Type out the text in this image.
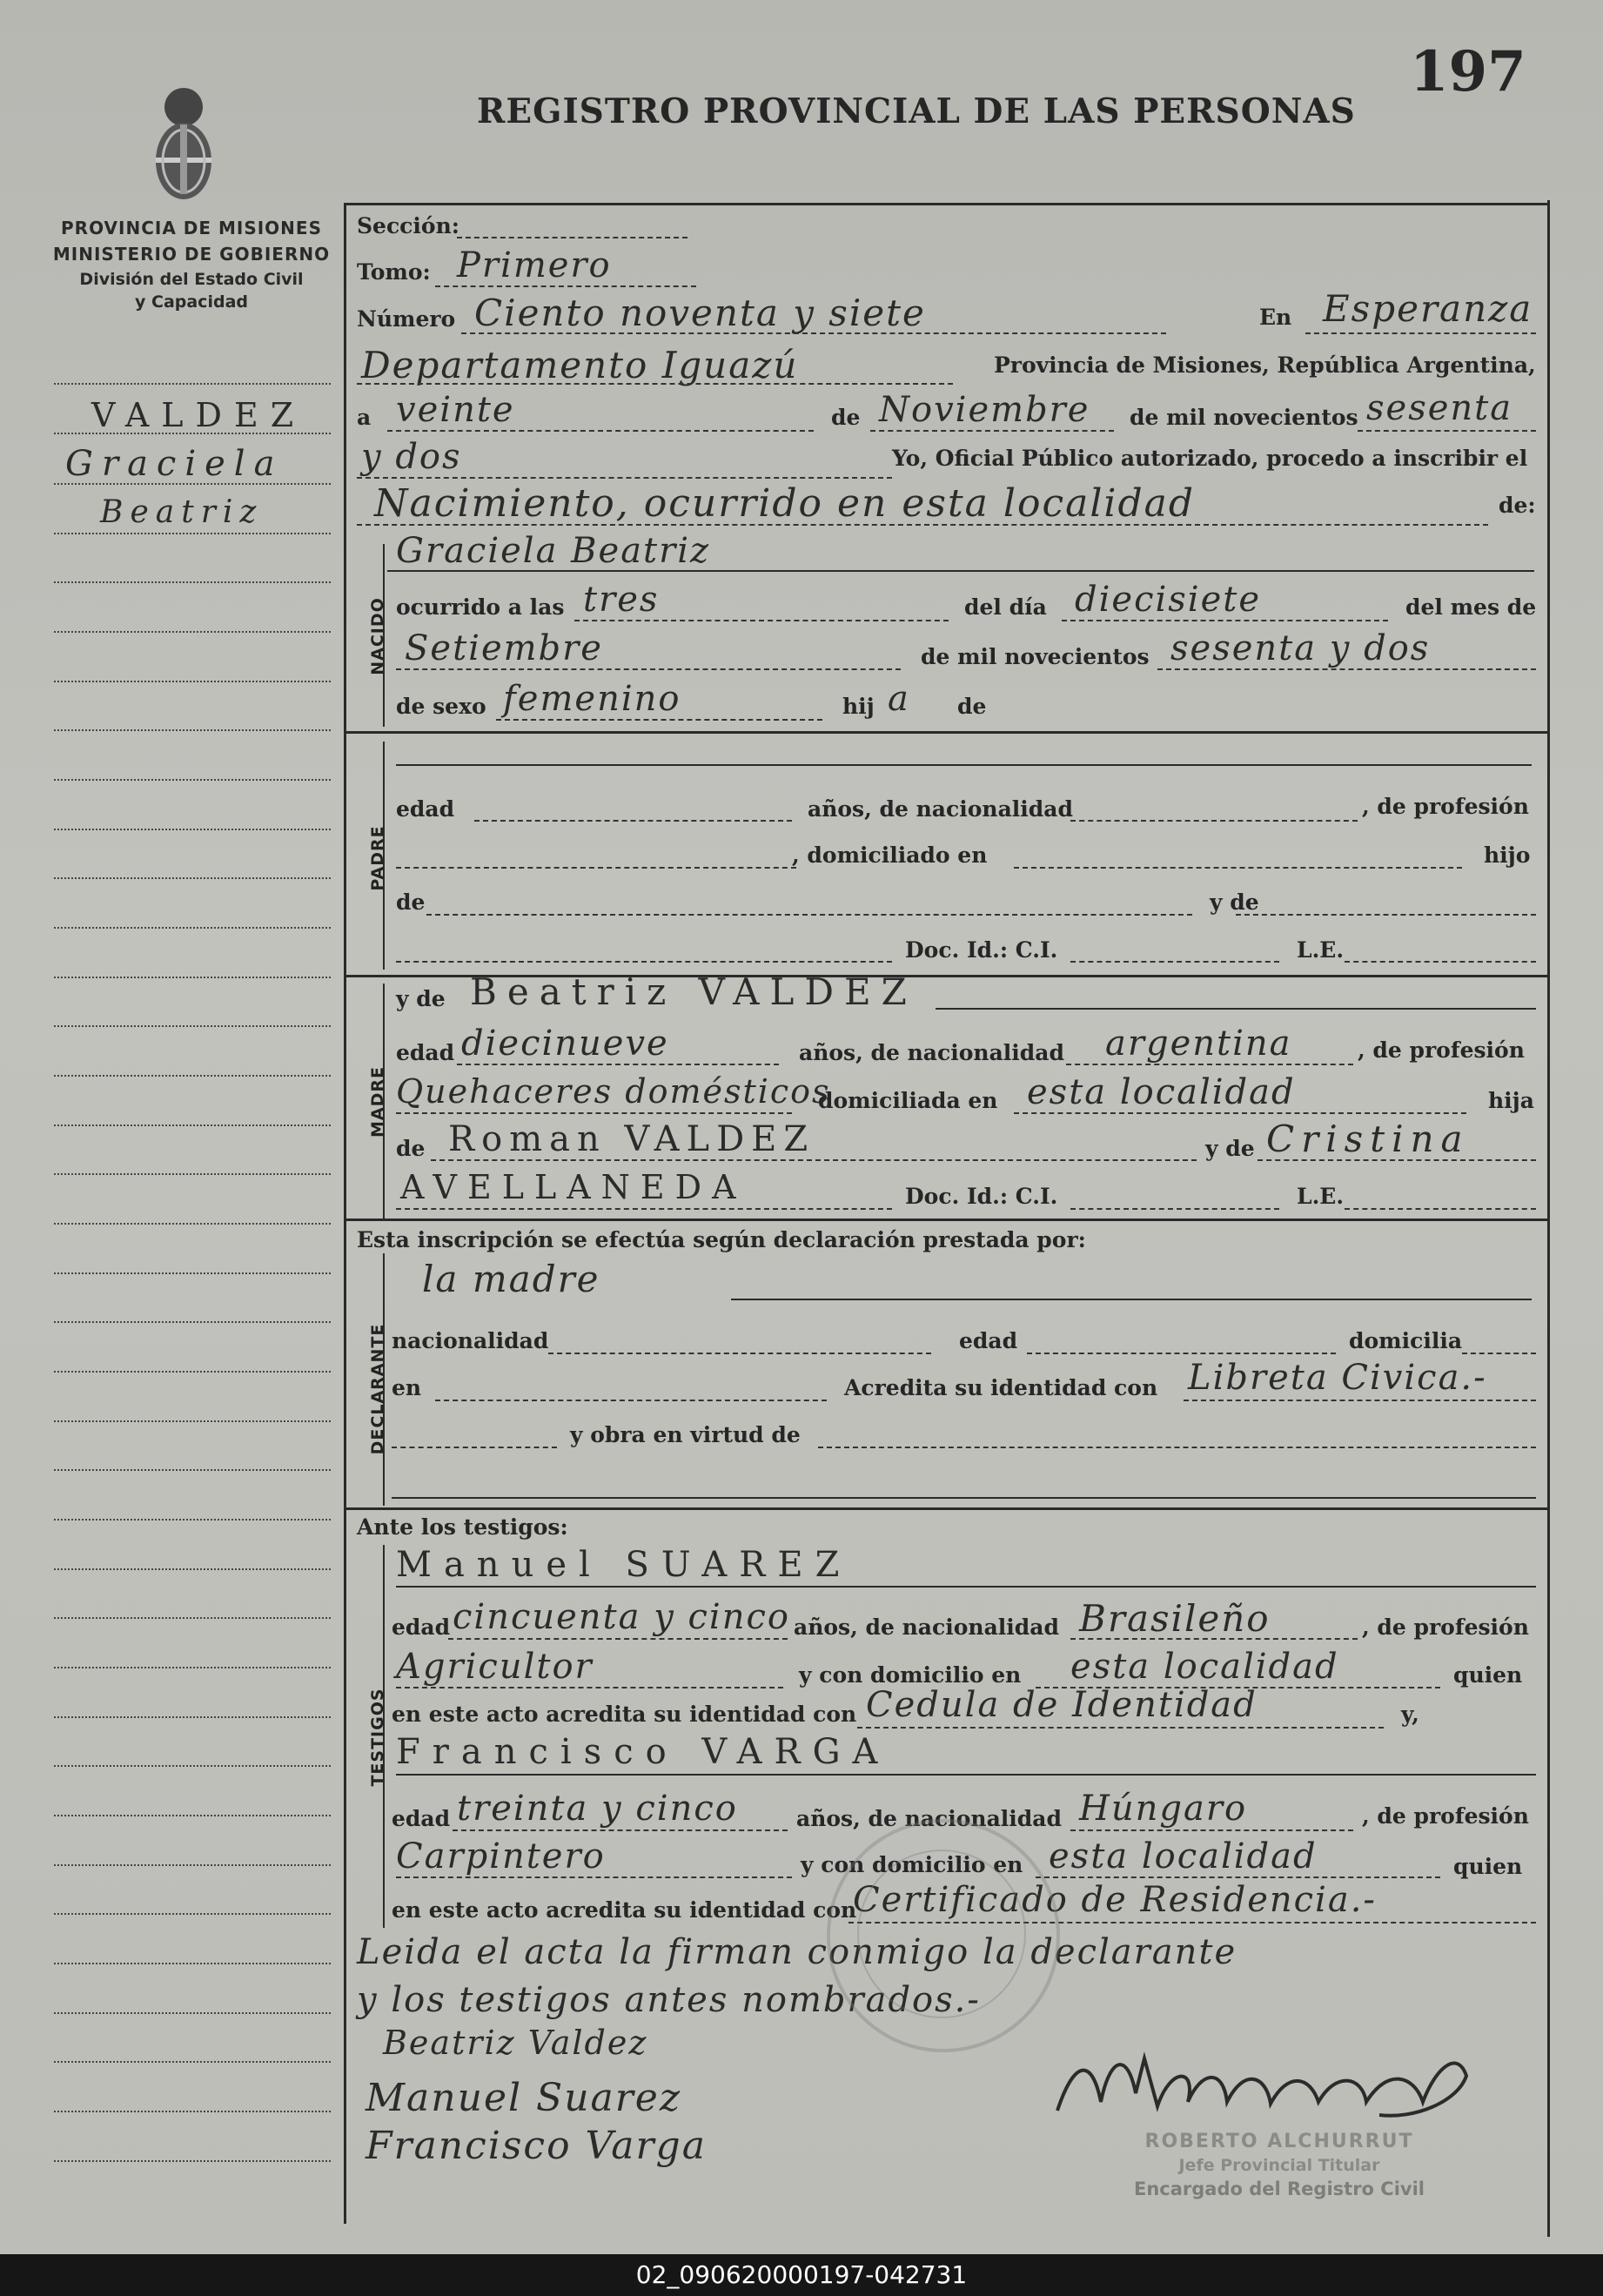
REGISTRO PROVINCIAL DE LAS PERSONAS
197
PROVINCIA DE MISIONES
MINISTERIO DE GOBIERNO
División del Estado Civil
y Capacidad
VALDEZ
Graciela
Beatriz
Sección:
Tomo: Primero
Número Ciento noventa y siete	En Esperanza
Departamento Iguazú	Provincia de Misiones, República Argentina,
a veinte	de Noviembre de mil novecientos sesenta
y dos	Yo, Oficial Público autorizado, procedo a inscribir el
Nacimiento, ocurrido en esta localidad	de:
NACIDO
Graciela Beatriz
ocurrido a las tres	del día diecisiete	del mes de
Setiembre	de mil novecientos sesenta y dos
de sexo femenino	hij a de
PADRE
edad	años, de nacionalidad	, de profesión
, domiciliado en	hijo
de	y de
Doc. Id.: C.I.	L.E.
MADRE
y de Beatriz VALDEZ
edad diecinueve	años, de nacionalidad argentina	, de profesión
Quehaceres domésticos
domiciliada en esta localidad	hija
de Roman VALDEZ	y de Cristina
AVELLANEDA	Doc. Id.: C.I.	L.E.
Esta inscripción se efectúa según declaración prestada por:
DECLARANTE
la madre
nacionalidad	edad	domicilia
en	Acredita su identidad con Libreta Civica.-
y obra en virtud de
Ante los testigos:
TESTIGOS
Manuel SUAREZ
edad cincuenta y cinco años, de nacionalidad Brasileño	, de profesión
Agricultor	y con domicilio en esta localidad	quien
en este acto acredita su identidad con Cedula de Identidad	y,
Francisco VARGA
edad treinta y cinco	años, de nacionalidad Húngaro	, de profesión
Carpintero	y con domicilio en esta localidad	quien
en este acto acredita su identidad con
Certificado de Residencia.-
Leida el acta la firman conmigo la declarante
y los testigos antes nombrados.-
Beatriz Valdez
Manuel Suarez
Francisco Varga	ROBERTO ALCHURRUT
Jefe Provincial Titular
Encargado del Registro Civil
02_090620000197-042731
